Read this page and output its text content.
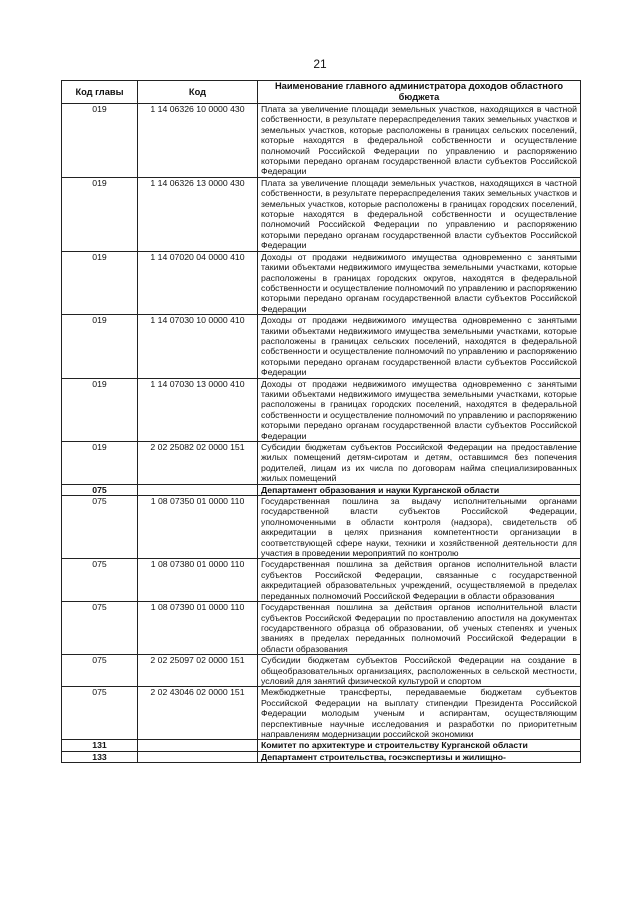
21
Код главы	Код	Наименование главного администратора доходов областного бюджета
019	1 14 06326 10 0000 430	Плата за увеличение площади земельных участков, находящихся в частной собственности, в результате перераспределения таких земельных участков и земельных участков, которые расположены в границах сельских поселений, которые находятся в федеральной собственности и осуществление полномочий Российской Федерации по управлению и распоряжению которыми передано органам государственной власти субъектов Российской Федерации
019	1 14 06326 13 0000 430	Плата за увеличение площади земельных участков, находящихся в частной собственности, в результате перераспределения таких земельных участков и земельных участков, которые расположены в границах городских поселений, которые находятся в федеральной собственности и осуществление полномочий Российской Федерации по управлению и распоряжению которыми передано органам государственной власти субъектов Российской Федерации
019	1 14 07020 04 0000 410	Доходы от продажи недвижимого имущества одновременно с занятыми такими объектами недвижимого имущества земельными участками, которые расположены в границах городских округов, находятся в федеральной собственности и осуществление полномочий по управлению и распоряжению которыми передано органам государственной власти субъектов Российской Федерации
019	1 14 07030 10 0000 410	Доходы от продажи недвижимого имущества одновременно с занятыми такими объектами недвижимого имущества земельными участками, которые расположены в границах сельских поселений, находятся в федеральной собственности и осуществление полномочий по управлению и распоряжению которыми передано органам государственной власти субъектов Российской Федерации
019	1 14 07030 13 0000 410	Доходы от продажи недвижимого имущества одновременно с занятыми такими объектами недвижимого имущества земельными участками, которые расположены в границах городских поселений, находятся в федеральной собственности и осуществление полномочий по управлению и распоряжению которыми передано органам государственной власти субъектов Российской Федерации
019	2 02 25082 02 0000 151	Субсидии бюджетам субъектов Российской Федерации на предоставление жилых помещений детям-сиротам и детям, оставшимся без попечения родителей, лицам из их числа по договорам найма специализированных жилых помещений
075		Департамент образования и науки Курганской области
075	1 08 07350 01 0000 110	Государственная пошлина за выдачу исполнительными органами государственной власти субъектов Российской Федерации, уполномоченными в области контроля (надзора), свидетельств об аккредитации в целях признания компетентности организации в соответствующей сфере науки, техники и хозяйственной деятельности для участия в проведении мероприятий по контролю
075	1 08 07380 01 0000 110	Государственная пошлина за действия органов исполнительной власти субъектов Российской Федерации, связанные с государственной аккредитацией образовательных учреждений, осуществляемой в пределах переданных полномочий Российской Федерации в области образования
075	1 08 07390 01 0000 110	Государственная пошлина за действия органов исполнительной власти субъектов Российской Федерации по проставлению апостиля на документах государственного образца об образовании, об ученых степенях и ученых званиях в пределах переданных полномочий Российской Федерации в области образования
075	2 02 25097 02 0000 151	Субсидии бюджетам субъектов Российской Федерации на создание в общеобразовательных организациях, расположенных в сельской местности, условий для занятий физической культурой и спортом
075	2 02 43046 02 0000 151	Межбюджетные трансферты, передаваемые бюджетам субъектов Российской Федерации на выплату стипендии Президента Российской Федерации молодым ученым и аспирантам, осуществляющим перспективные научные исследования и разработки по приоритетным направлениям модернизации российской экономики
131		Комитет по архитектуре и строительству Курганской области
133		Департамент строительства, госэкспертизы и жилищно-
